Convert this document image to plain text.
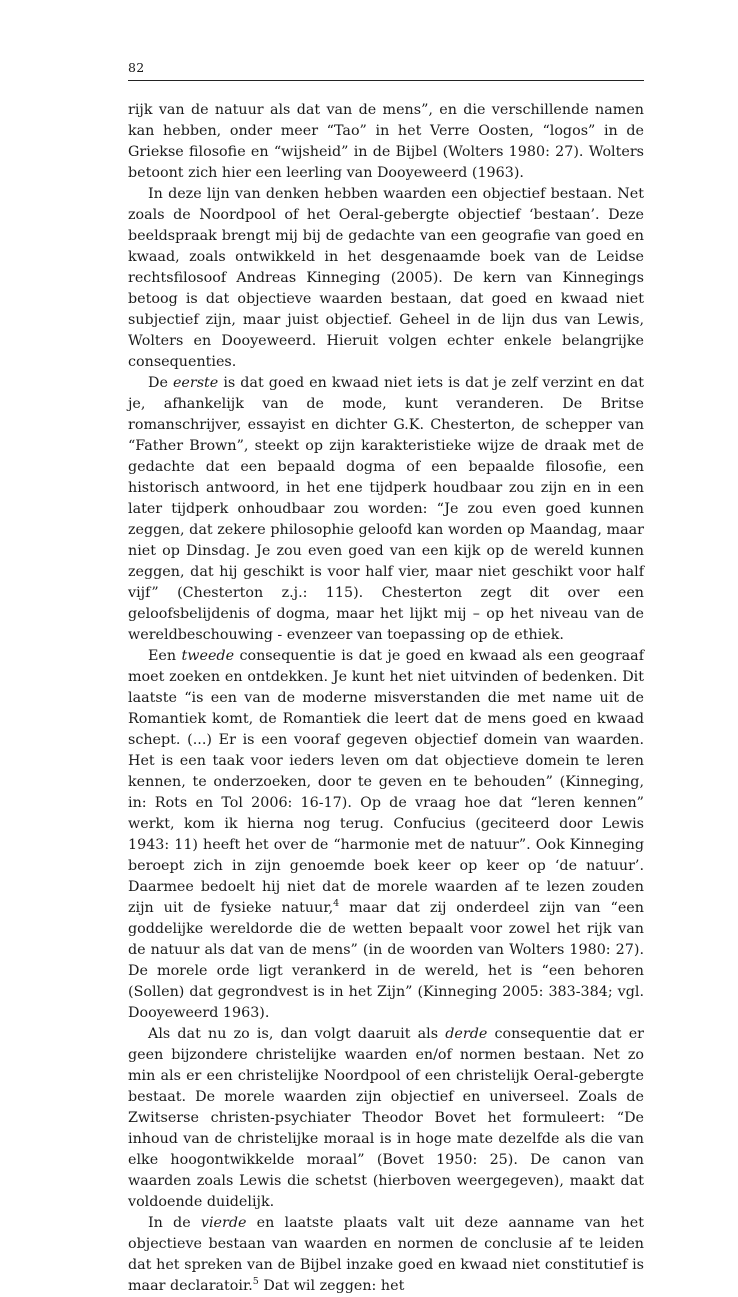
82

rijk van de natuur als dat van de mens”, en die verschillende namen kan hebben, onder meer “Tao” in het Verre Oosten, “logos” in de Griekse filosofie en “wijsheid” in de Bijbel (Wolters 1980: 27). Wolters betoont zich hier een leerling van Dooyeweerd (1963).

In deze lijn van denken hebben waarden een objectief bestaan. Net zoals de Noordpool of het Oeral-gebergte objectief ‘bestaan’. Deze beeldspraak brengt mij bij de gedachte van een geografie van goed en kwaad, zoals ontwikkeld in het desgenaamde boek van de Leidse rechtsfilosoof Andreas Kinneging (2005). De kern van Kinnegings betoog is dat objectieve waarden bestaan, dat goed en kwaad niet subjectief zijn, maar juist objectief. Geheel in de lijn dus van Lewis, Wolters en Dooyeweerd. Hieruit volgen echter enkele belangrijke consequenties.

De eerste is dat goed en kwaad niet iets is dat je zelf verzint en dat je, afhankelijk van de mode, kunt veranderen. De Britse romanschrijver, essayist en dichter G.K. Chesterton, de schepper van “Father Brown”, steekt op zijn karakteristieke wijze de draak met de gedachte dat een bepaald dogma of een bepaalde filosofie, een historisch antwoord, in het ene tijdperk houdbaar zou zijn en in een later tijdperk onhoudbaar zou worden: “Je zou even goed kunnen zeggen, dat zekere philosophie geloofd kan worden op Maandag, maar niet op Dinsdag. Je zou even goed van een kijk op de wereld kunnen zeggen, dat hij geschikt is voor half vier, maar niet geschikt voor half vijf” (Chesterton z.j.: 115). Chesterton zegt dit over een geloofsbelijdenis of dogma, maar het lijkt mij – op het niveau van de wereldbeschouwing - evenzeer van toepassing op de ethiek.

Een tweede consequentie is dat je goed en kwaad als een geograaf moet zoeken en ontdekken. Je kunt het niet uitvinden of bedenken. Dit laatste “is een van de moderne misverstanden die met name uit de Romantiek komt, de Romantiek die leert dat de mens goed en kwaad schept. (...) Er is een vooraf gegeven objectief domein van waarden. Het is een taak voor ieders leven om dat objectieve domein te leren kennen, te onderzoeken, door te geven en te behouden” (Kinneging, in: Rots en Tol 2006: 16-17). Op de vraag hoe dat “leren kennen” werkt, kom ik hierna nog terug. Confucius (geciteerd door Lewis 1943: 11) heeft het over de “harmonie met de natuur”. Ook Kinneging beroept zich in zijn genoemde boek keer op keer op ‘de natuur’. Daarmee bedoelt hij niet dat de morele waarden af te lezen zouden zijn uit de fysieke natuur,$^4$ maar dat zij onderdeel zijn van “een goddelijke wereldorde die de wetten bepaalt voor zowel het rijk van de natuur als dat van de mens” (in de woorden van Wolters 1980: 27). De morele orde ligt verankerd in de wereld, het is “een behoren (Sollen) dat gegrondvest is in het Zijn” (Kinneging 2005: 383-384; vgl. Dooyeweerd 1963).

Als dat nu zo is, dan volgt daaruit als derde consequentie dat er geen bijzondere christelijke waarden en/of normen bestaan. Net zo min als er een christelijke Noordpool of een christelijk Oeral-gebergte bestaat. De morele waarden zijn objectief en universeel. Zoals de Zwitserse christen-psychiater Theodor Bovet het formuleert: “De inhoud van de christelijke moraal is in hoge mate dezelfde als die van elke hoogontwikkelde moraal” (Bovet 1950: 25). De canon van waarden zoals Lewis die schetst (hierboven weergegeven), maakt dat voldoende duidelijk.

In de vierde en laatste plaats valt uit deze aanname van het objectieve bestaan van waarden en normen de conclusie af te leiden dat het spreken van de Bijbel inzake goed en kwaad niet constitutief is maar declaratoir.$^5$ Dat wil zeggen: het
